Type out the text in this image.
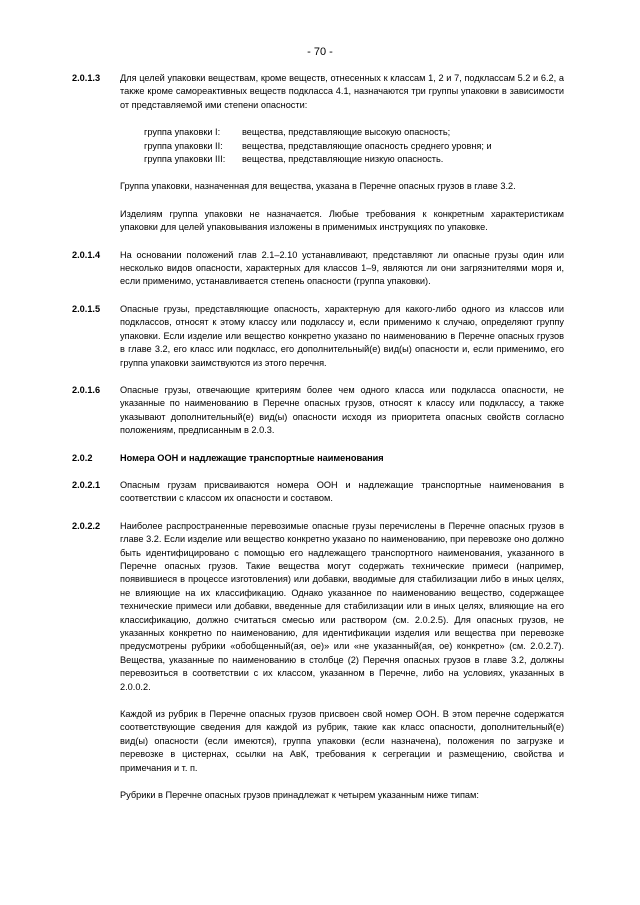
- 70 -
2.0.1.3	Для целей упаковки веществам, кроме веществ, отнесенных к классам 1, 2 и 7, подклассам 5.2 и 6.2, а также кроме самореактивных веществ подкласса 4.1, назначаются три группы упаковки в зависимости от представляемой ими степени опасности:

группа упаковки I:	вещества, представляющие высокую опасность;
группа упаковки II:	вещества, представляющие опасность среднего уровня; и
группа упаковки III:	вещества, представляющие низкую опасность.

Группа упаковки, назначенная для вещества, указана в Перечне опасных грузов в главе 3.2.

Изделиям группа упаковки не назначается. Любые требования к конкретным характеристикам упаковки для целей упаковывания изложены в применимых инструкциях по упаковке.

2.0.1.4	На основании положений глав 2.1–2.10 устанавливают, представляют ли опасные грузы один или несколько видов опасности, характерных для классов 1–9, являются ли они загрязнителями моря и, если применимо, устанавливается степень опасности (группа упаковки).

2.0.1.5	Опасные грузы, представляющие опасность, характерную для какого-либо одного из классов или подклассов, относят к этому классу или подклассу и, если применимо к случаю, определяют группу упаковки. Если изделие или вещество конкретно указано по наименованию в Перечне опасных грузов в главе 3.2, его класс или подкласс, его дополнительный(е) вид(ы) опасности и, если применимо, его группа упаковки заимствуются из этого перечня.

2.0.1.6	Опасные грузы, отвечающие критериям более чем одного класса или подкласса опасности, не указанные по наименованию в Перечне опасных грузов, относят к классу или подклассу, а также указывают дополнительный(е) вид(ы) опасности исходя из приоритета опасных свойств согласно положениям, предписанным в 2.0.3.

2.0.2	Номера ООН и надлежащие транспортные наименования
2.0.2.1	Опасным грузам присваиваются номера ООН и надлежащие транспортные наименования в соответствии с классом их опасности и составом.

2.0.2.2	Наиболее распространенные перевозимые опасные грузы перечислены в Перечне опасных грузов в главе 3.2. Если изделие или вещество конкретно указано по наименованию, при перевозке оно должно быть идентифицировано с помощью его надлежащего транспортного наименования, указанного в Перечне опасных грузов. Такие вещества могут содержать технические примеси (например, появившиеся в процессе изготовления) или добавки, вводимые для стабилизации либо в иных целях, не влияющие на их классификацию. Однако указанное по наименованию вещество, содержащее технические примеси или добавки, введенные для стабилизации или в иных целях, влияющие на его классификацию, должно считаться смесью или раствором (см. 2.0.2.5). Для опасных грузов, не указанных конкретно по наименованию, для идентификации изделия или вещества при перевозке предусмотрены рубрики «обобщенный(ая, ое)» или «не указанный(ая, ое) конкретно» (см. 2.0.2.7). Вещества, указанные по наименованию в столбце (2) Перечня опасных грузов в главе 3.2, должны перевозиться в соответствии с их классом, указанном в Перечне, либо на условиях, указанных в 2.0.0.2.

Каждой из рубрик в Перечне опасных грузов присвоен свой номер ООН. В этом перечне содержатся соответствующие сведения для каждой из рубрик, такие как класс опасности, дополнительный(е) вид(ы) опасности (если имеются), группа упаковки (если назначена), положения по загрузке и перевозке в цистернах, ссылки на АвК, требования к сегрегации и размещению, свойства и примечания и т. п.

Рубрики в Перечне опасных грузов принадлежат к четырем указанным ниже типам:
